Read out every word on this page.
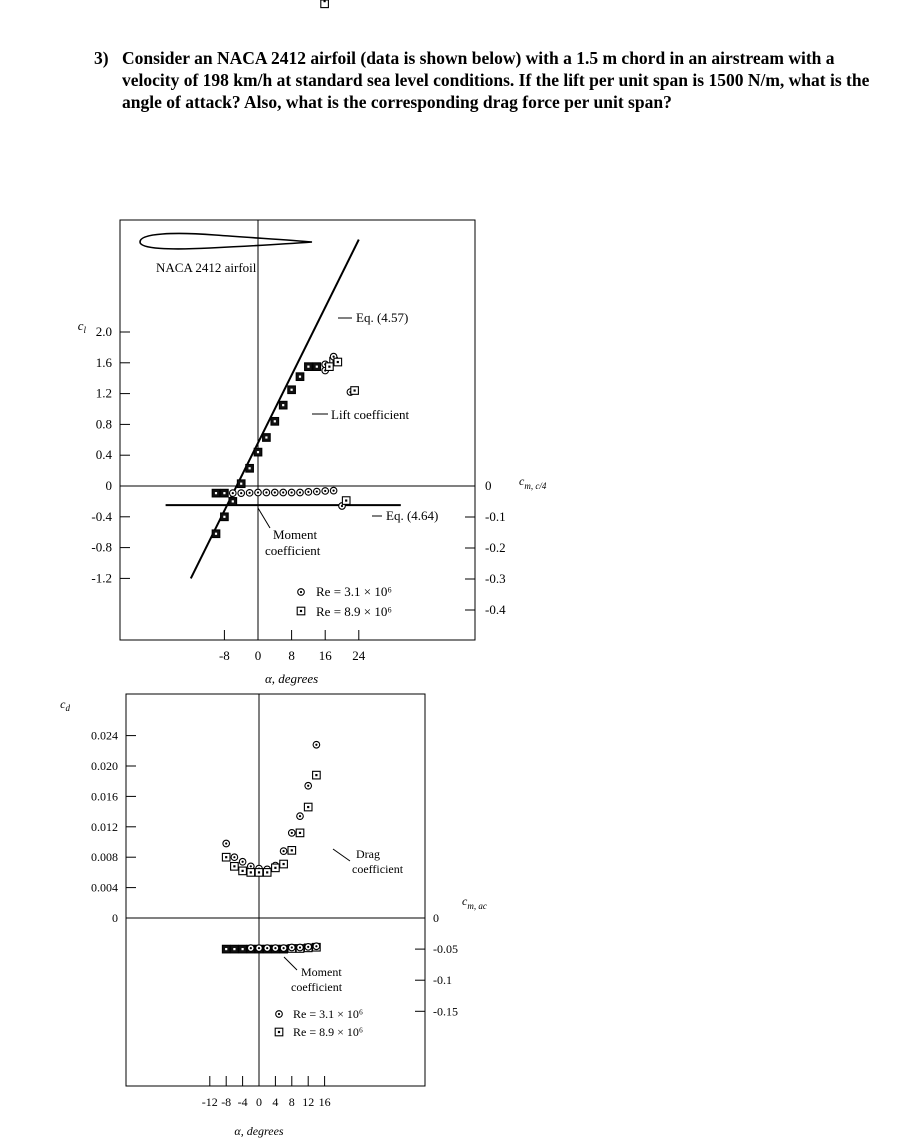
3) Consider an NACA 2412 airfoil (data is shown below) with a 1.5 m chord in an airstream with a velocity of 198 km/h at standard sea level conditions. If the lift per unit span is 1500 N/m, what is the angle of attack? Also, what is the corresponding drag force per unit span?
NACA 2412 airfoil
2.0
1.6
1.2
0.8
0.4
0
-0.4
-0.8
-1.2
$c_l$
0
-0.1
-0.2
-0.3
-0.4
$c_{m, c/4}$
-8 0 8 16 24
α, degrees
Eq. (4.57)
Lift coefficient
Eq. (4.64)
Moment
coefficient
Re = 3.1 × 10⁶
Re = 8.9 × 10⁶
0.024
0.020
0.016
0.012
0.008
0.004
0
$c_d$
0
-0.05
-0.1
-0.15
$c_{m, ac}$
-12 -8 -4 0 4 8 12 16
α, degrees
Drag
coefficient
Moment
coefficient
Re = 3.1 × 10⁶
Re = 8.9 × 10⁶
